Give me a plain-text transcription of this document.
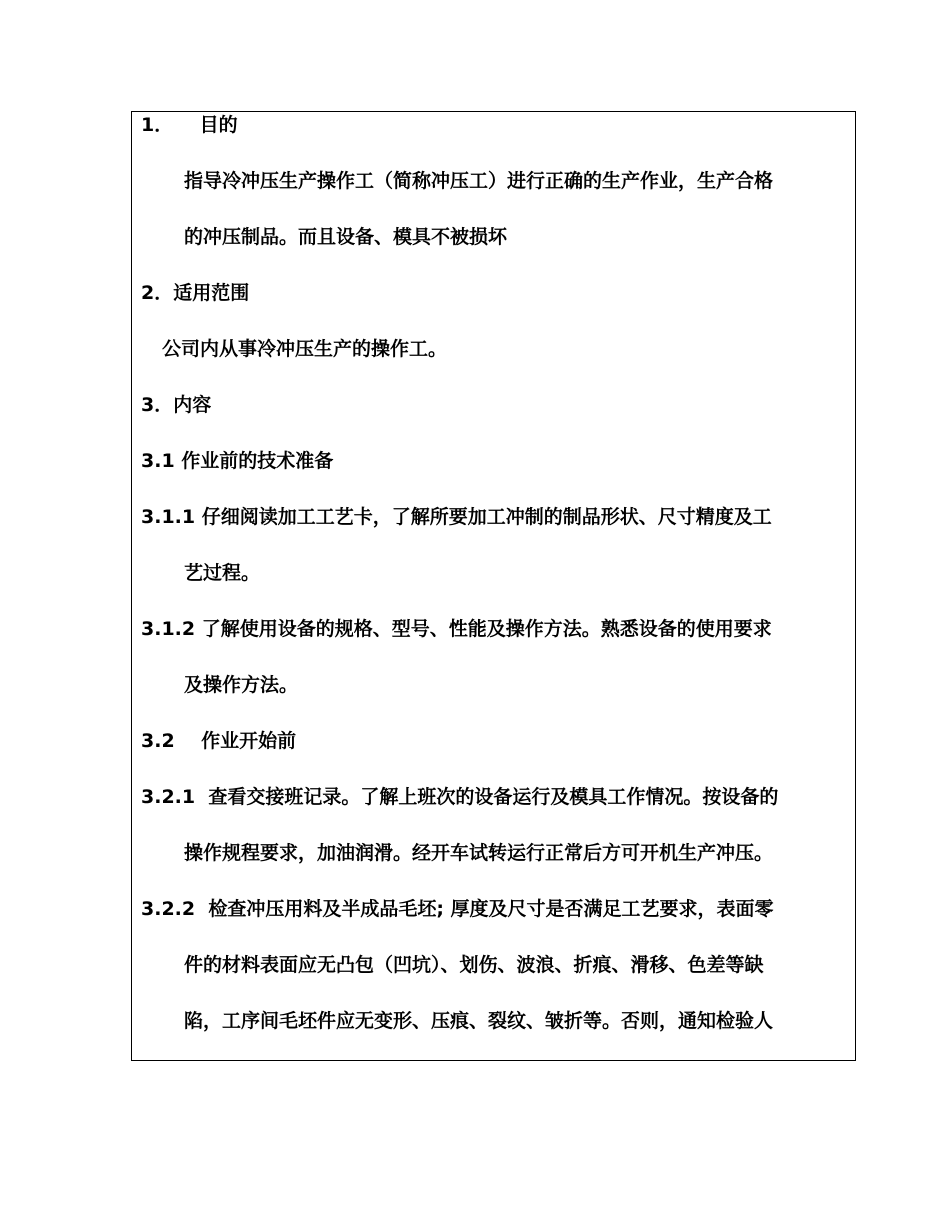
1．    目的
指导冷冲压生产操作工（简称冲压工）进行正确的生产作业，生产合格
的冲压制品。而且设备、模具不被损坏
2．适用范围
公司内从事冷冲压生产的操作工。
3．内容
3.1 作业前的技术准备
3.1.1 仔细阅读加工工艺卡，了解所要加工冲制的制品形状、尺寸精度及工
艺过程。
3.1.2 了解使用设备的规格、型号、性能及操作方法。熟悉设备的使用要求
及操作方法。
3.2    作业开始前
3.2.1  查看交接班记录。了解上班次的设备运行及模具工作情况。按设备的
操作规程要求，加油润滑。经开车试转运行正常后方可开机生产冲压。
3.2.2  检查冲压用料及半成品毛坯; 厚度及尺寸是否满足工艺要求，表面零
件的材料表面应无凸包（凹坑）、划伤、波浪、折痕、滑移、色差等缺
陷，工序间毛坯件应无变形、压痕、裂纹、皱折等。否则，通知检验人
